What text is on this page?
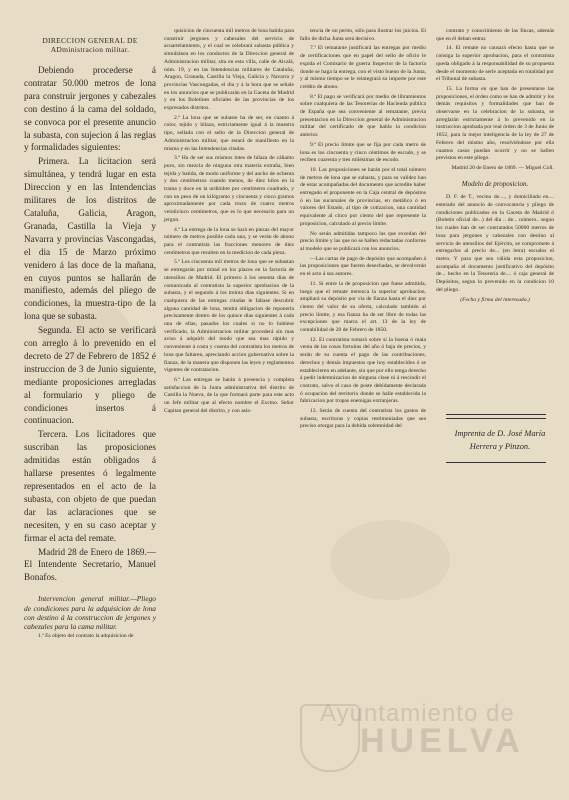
DIRECCION GENERAL DE ADministracion militar.

Debiendo procederse á contratar 50.000 metros de lona para construir jergones y cabezales con destino á la cama del soldado, se convoca por el presente anuncio la subasta, con sujecion á las reglas y formalidades siguientes:

Primera. La licitacion será simultánea, y tendrá lugar en esta Direccion y en las Intendencias militares de los distritos de Cataluña, Galicia, Aragon, Granada, Castilla la Vieja y Navarra y provincias Vascongadas, el dia 15 de Marzo próximo venidero á las doce de la mañana, en cuyos puntos se hallarán de manifiesto, además del pliego de condiciones, la muestra-tipo de la lona que se subasta.

Segunda. El acto se verificará con arreglo á lo prevenido en el decreto de 27 de Febrero de 1852 é instruccion de 3 de Junio siguiente, mediante proposiciones arregladas al formulario y pliego de condiciones insertos á continuacion.

Tercera. Los licitadores que suscriban las proposiciones admitidas están obligados á hallarse presentes ó legalmente representados en el acto de la subasta, con objeto de que puedan dar las aclaraciones que se necesiten, y en su caso aceptar y firmar el acta del remate.

Madrid 28 de Enero de 1869.—El Intendente Secretario, Manuel Bonafos.

Intervencion general militar.—Pliego de condiciones para la adquisicion de lona con destino á la construccion de jergones y cabezales para la cama militar.

1.ª Es objeto del contrato la adquisicion de

quisicion de cincuenta mil metros de lona batida para construir jergones y cabezales del servicio de acuartelamiento, y el cual se celebrará subasta pública y simultánea en los conductos de la Direccion general de Administracion militar, sita en esta villa, calle de Alcalá, núm. 19, y en las Intendencias militares de Cataluña, Aragon, Granada, Castilla la Vieja, Galicia y Navarra y provincias Vascongadas, el dia y á la hora que se señale en los anuncios que se publicarán en la Gaceta de Madrid y en los Boletines oficiales de las provincias de los expresados distritos.

2.ª La lona que se subaste ha de ser, en cuanto á color, tejido y hilaza, estrictamente igual á la muestra tipo, sellada con el sello de la Direccion general de Administracion militar, que estará de manifiesto en la misma y en las Intendencias citadas.

3.ª Ha de ser sus mismos lotes de hilaza de cáñamo puro, sin mezcla de ninguna otra materia extraña, bien tejida y batida, de modo uniforme y del ancho de ochenta y dos centímetros cuando menos, de diez hilos en la trama y doce en la urdimbre por centímetro cuadrado, y con un peso de un kilógramo y cincuenta y cinco gramos aproximadamente por cada trozo de cuatro metros veinticinco centímetros, que es lo que necesario para un jergon.

4.ª La entrega de la lona se hará en piezas del mayor número de metros posible cada una, y se verán de abono para el contratista las fracciones menores de diez centímetros que resulten en la medicion de cada pieza.

5.ª Los cincuenta mil metros de lona que se subastan se entregarán por mitad en los plazos en la factoría de utensilios de Madrid. El primero á los sesenta dias de comunicada al contratista la superior aprobacion de la subasta, y el segundo á los treinta dias siguientes. Si en cualquiera de las entregas citadas le faltase descubrir alguna cantidad de lona, tendrá obligacion de reponerla precisamente dentro de los quince dias siguientes á cada una de ellas, pasados los cuales si no lo hubiese verificado, la Administracion militar procederá sin mas aviso á adquirir del modo que sea mas rápido y conveniente á costa y cuenta del contratista los metros de lona que faltaren, apreciando accion gubernativa sobre la fianza, de la manera que disponen las leyes y reglamentos vigentes de contratacion.

6.ª Las entregas se harán á presencia y completa satisfaccion de la Junta administrativa del distrito de Castilla la Nueva, de la que formará parte para este acto un Jefe militar que al efecto nombre el Excmo. Señor Capitan general del distrito, y con asis-

tencia de un perito, sólo para ilustrar los juicios. El fallo de dicha Junta será decisivo.

7.ª El rematante justificará las entregas por medio de certificaciones que en papel del sello de oficio le expida el Comisario de guerra Inspector de la factoría donde se haga la entrega, con el visto bueno de la Junta, y al mismo tiempo se le reintegrará su importe por este crédito de abono.

8.ª El pago se verificará por medio de libramientos sobre cualquiera de las Tesorerías de Hacienda pública de España que sea conveniente al rematante, previa presentacion en la Direccion general de Administracion militar del certificado de que habla la condicion anterior.

9.ª El precio límite que se fija por cada metro de lona es los cincuenta y cinco céntimos de escudo, y se reciben cuarenta y tres milésimas de escudo.

10. Las proposiciones se harán por el total número de metros de lona que se subasta, y para su validez han de estar acompañadas del documento que acredite haber entregado el proponente en la Caja central de depósitos ó en las sucursales de provincias, en metálico ó en valores del Estado, al tipo de cotizacion, una cantidad equivalente al cinco por ciento del que represente la proposicion, calculado al precio límite.

No serán admitidas tampoco las que excedan del precio límite y las que no se hallen redactadas conforme al modelo que se publicará con los anuncios.

—Las cartas de pago de depósito que acompañen á las proposiciones que fueren desechadas, se devolverán en el acto á sus autores.

11. Si entre la de proposicion que fuese admitida, luego que el remate merezca la superior aprobacion, ampliará su depósito por vía de fianza hasta el diez por ciento del valor de su oferta, calculado también al precio límite, y esa fianza ha de ser libre de todas las excepciones que marca el art. 13 de la ley de contabilidad de 20 de Febrero de 1850.

12. El contratista tomará sobre sí la buena ó mala venta de las cosas fortuitas del año ó baja de precios, y serán de su cuenta el pago de las contribuciones, derechos y demás impuestos que hoy establecidos ó se establecieren en adelante, sin que por ello tenga derecho á pedir indemnizacion de ninguna clase ni á rescindir el contrato, salvo el caso de poste debidamente declarada ó ocupacion del territorio donde se halle establecida la fabricacion por tropas enemigas extranjeras.

13. Serán de cuenta del contratista los gastos de subasta, escrituras y copias testimoniadas que sea preciso otorgar para la debida solemnidad del

contrato y conocimiento de las fincas, además que en él deban entrar.

14. El remate no causará efecto hasta que se consiga la superior aprobacion, para el contratista queda obligado á la responsabilidad de su propuesta desde el momento de serle aceptada en totalidad por el Tribunal de subasta.

15. La forma en que han de presentarse las proposiciones, el órden como se han de admitir y los demás requisitos y formalidades que han de observarse en la celebracion de la subasta, se arreglarán estrictamente á lo prevenido en la instruccion aprobada por real órden de 3 de Junio de 1852, para la mejor inteligencia de la ley de 27 de Febrero del mismo año, resolviéndose por ella cuantos casos puedan ocurrir y no se hallen previstos en este pliego.

Madrid 20 de Enero de 1869. — Miguel Coll.

Modelo de proposicion.

D. F. de T., vecino de...., y domiciliado en.... enterado del anuncio de convocatoria y pliego de condiciones publicados en la Gaceta de Madrid ó (Boletin oficial de...) del dia .. de... número.. segun los cuales han de ser contratados 50000 metros de lona para jergones y cabezales con destino al servicio de utensilios del Ejército, se compromete á entregarlos al precio de... (en letra) escudos el metro. Y para que sea válida esta proposicion, acompaña el documento justificativo del depósito de... hecho en la Tesorería de.... ó caja general de Depósitos, segun lo prevenido en la condicion 10 del pliego.

(Fecha y firma del interesado.)

Imprenta de D. José María
Herrera y Pinzon.
Ayuntamiento de
HUELVA
